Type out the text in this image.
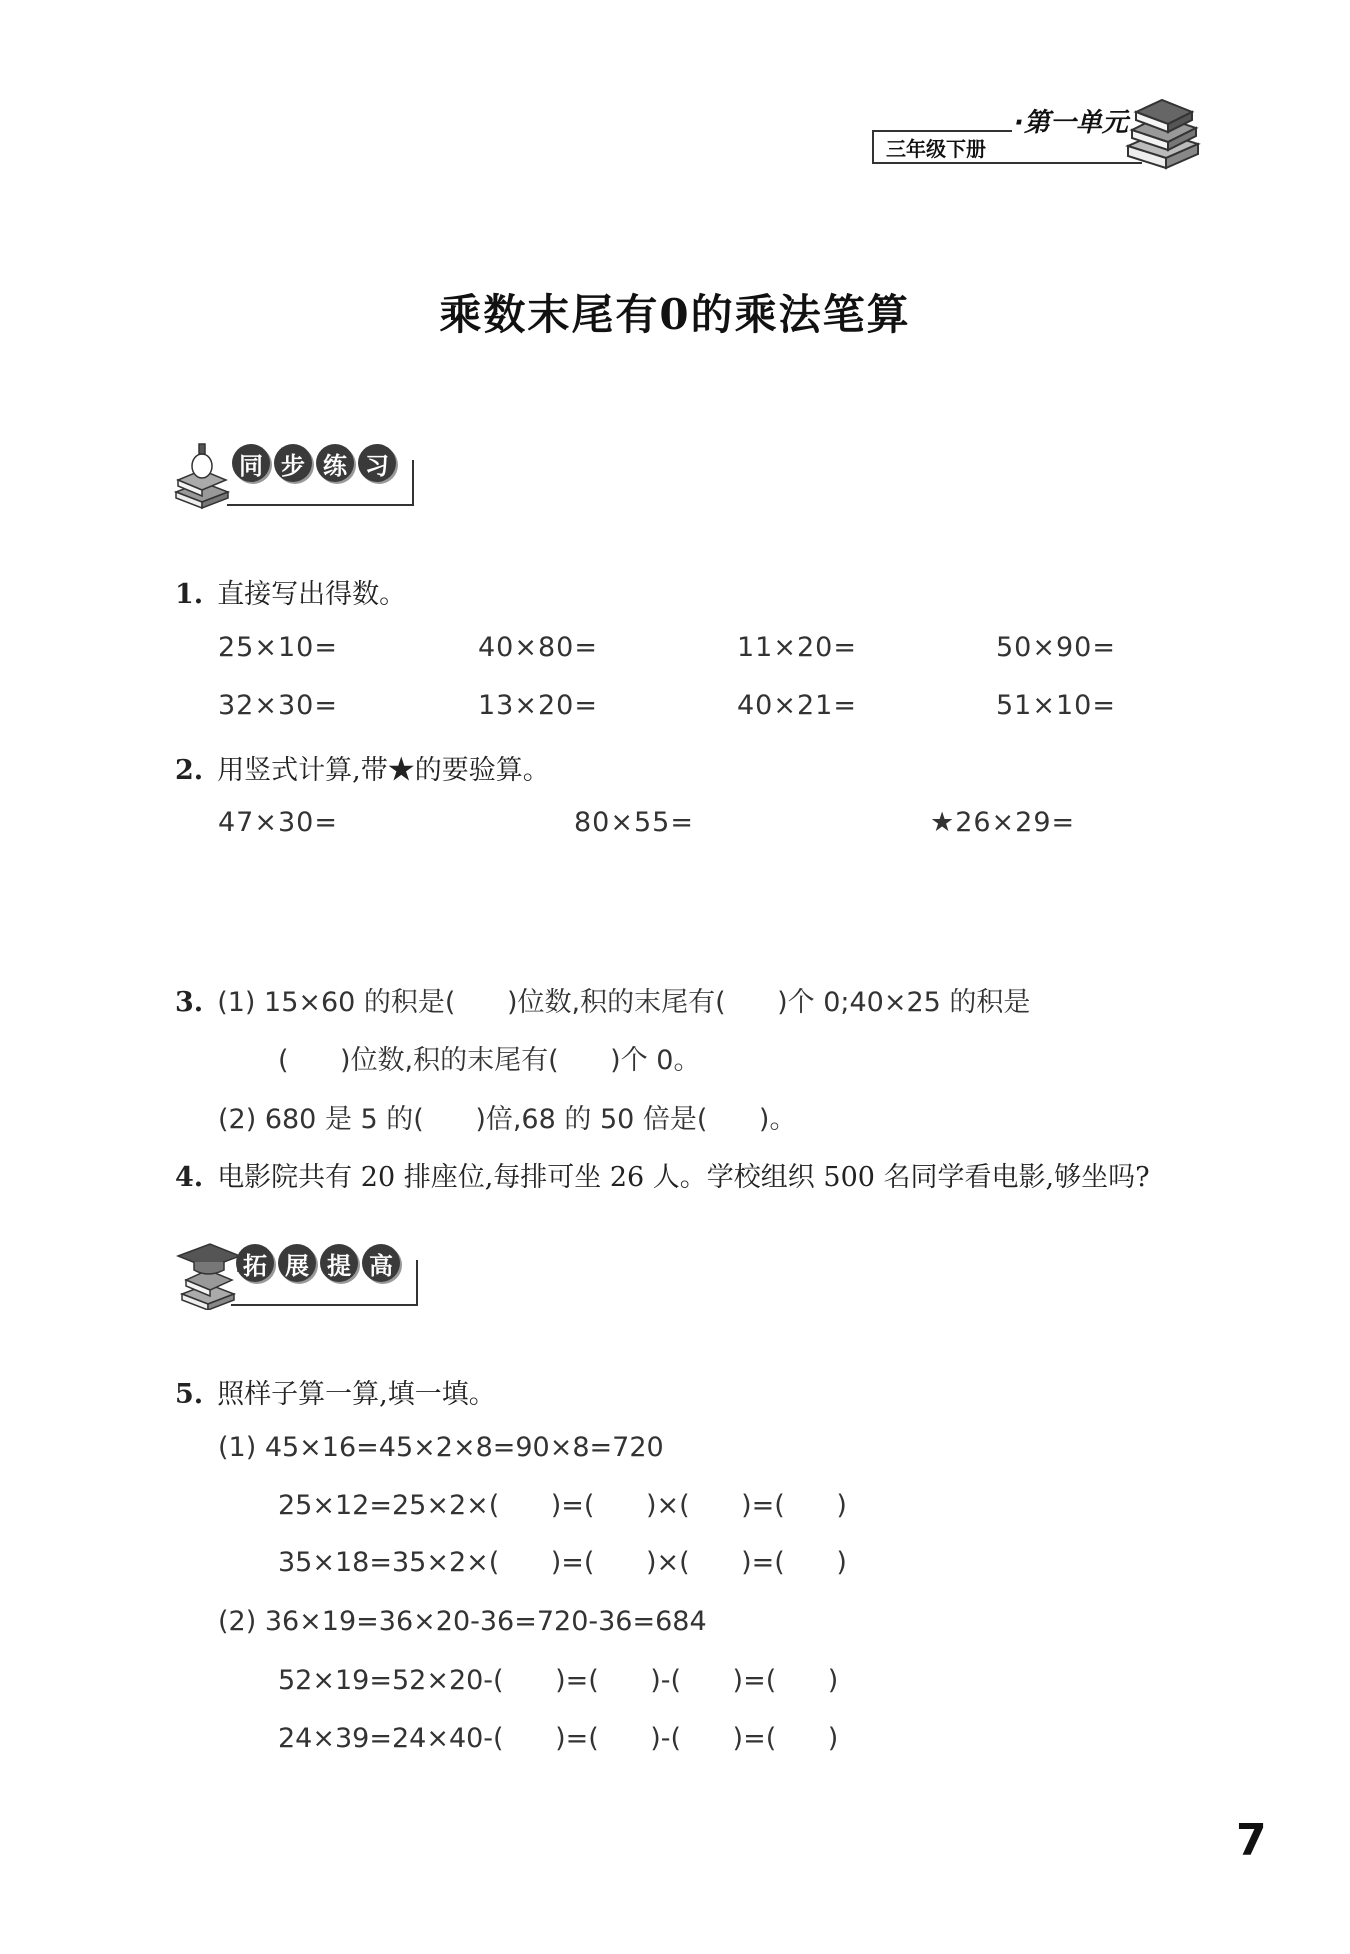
三年级下册
·第一单元
乘数末尾有0的乘法笔算
同 步 练 习
1. 直接写出得数。
25×10=	40×80=	11×20=	50×90=
32×30=	13×20=	40×21=	51×10=
2. 用竖式计算,带★的要验算。
47×30=	80×55=	★26×29=
3. (1) 15×60 的积是(      )位数,积的末尾有(      )个 0;40×25 的积是
(      )位数,积的末尾有(      )个 0。
(2) 680 是 5 的(      )倍,68 的 50 倍是(      )。
4. 电影院共有 20 排座位,每排可坐 26 人。学校组织 500 名同学看电影,够坐吗?
拓 展 提 高
5. 照样子算一算,填一填。
(1) 45×16=45×2×8=90×8=720
25×12=25×2×(      )=(      )×(      )=(      )
35×18=35×2×(      )=(      )×(      )=(      )
(2) 36×19=36×20-36=720-36=684
52×19=52×20-(      )=(      )-(      )=(      )
24×39=24×40-(      )=(      )-(      )=(      )
7
